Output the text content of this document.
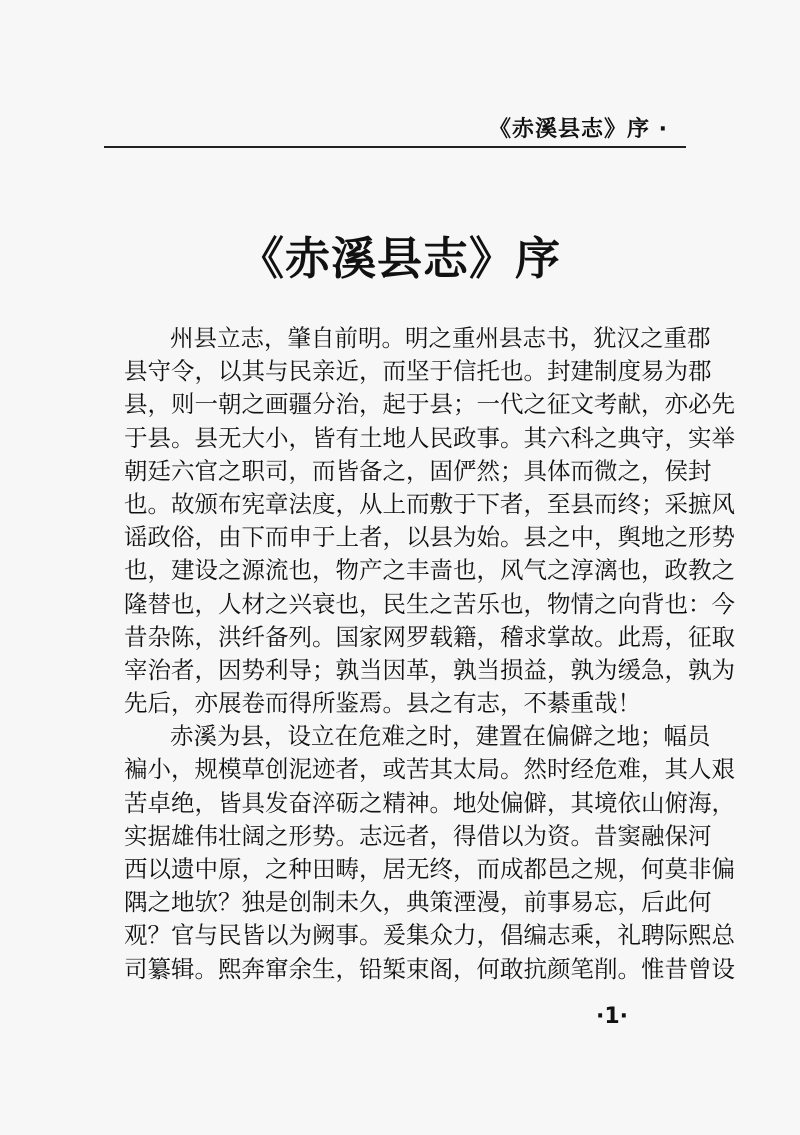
《赤溪县志》序 ·
《赤溪县志》序
州县立志，肇自前明。明之重州县志书，犹汉之重郡
县守令，以其与民亲近，而坚于信托也。封建制度易为郡
县，则一朝之画疆分治，起于县；一代之征文考献，亦必先
于县。县无大小，皆有土地人民政事。其六科之典守，实举
朝廷六官之职司，而皆备之，固俨然；具体而微之，侯封
也。故颁布宪章法度，从上而敷于下者，至县而终；采摭风
谣政俗，由下而申于上者，以县为始。县之中，舆地之形势
也，建设之源流也，物产之丰啬也，风气之淳漓也，政教之
隆替也，人材之兴衰也，民生之苦乐也，物情之向背也：今
昔杂陈，洪纤备列。国家网罗载籍，稽求掌故。此焉，征取
宰治者，因势利导；孰当因革，孰当损益，孰为缓急，孰为
先后，亦展卷而得所鉴焉。县之有志，不綦重哉！
赤溪为县，设立在危难之时，建置在偏僻之地；幅员
褊小，规模草创泥迹者，或苦其太局。然时经危难，其人艰
苦卓绝，皆具发奋淬砺之精神。地处偏僻，其境依山俯海，
实据雄伟壮阔之形势。志远者，得借以为资。昔窦融保河
西以遗中原，之种田畴，居无终，而成都邑之规，何莫非偏
隅之地欤？独是创制未久，典策湮漫，前事易忘，后此何
观？官与民皆以为阙事。爰集众力，倡编志乘，礼聘际熙总
司纂辑。熙奔窜余生，铅椠束阁，何敢抗颜笔削。惟昔曾设
·1·
